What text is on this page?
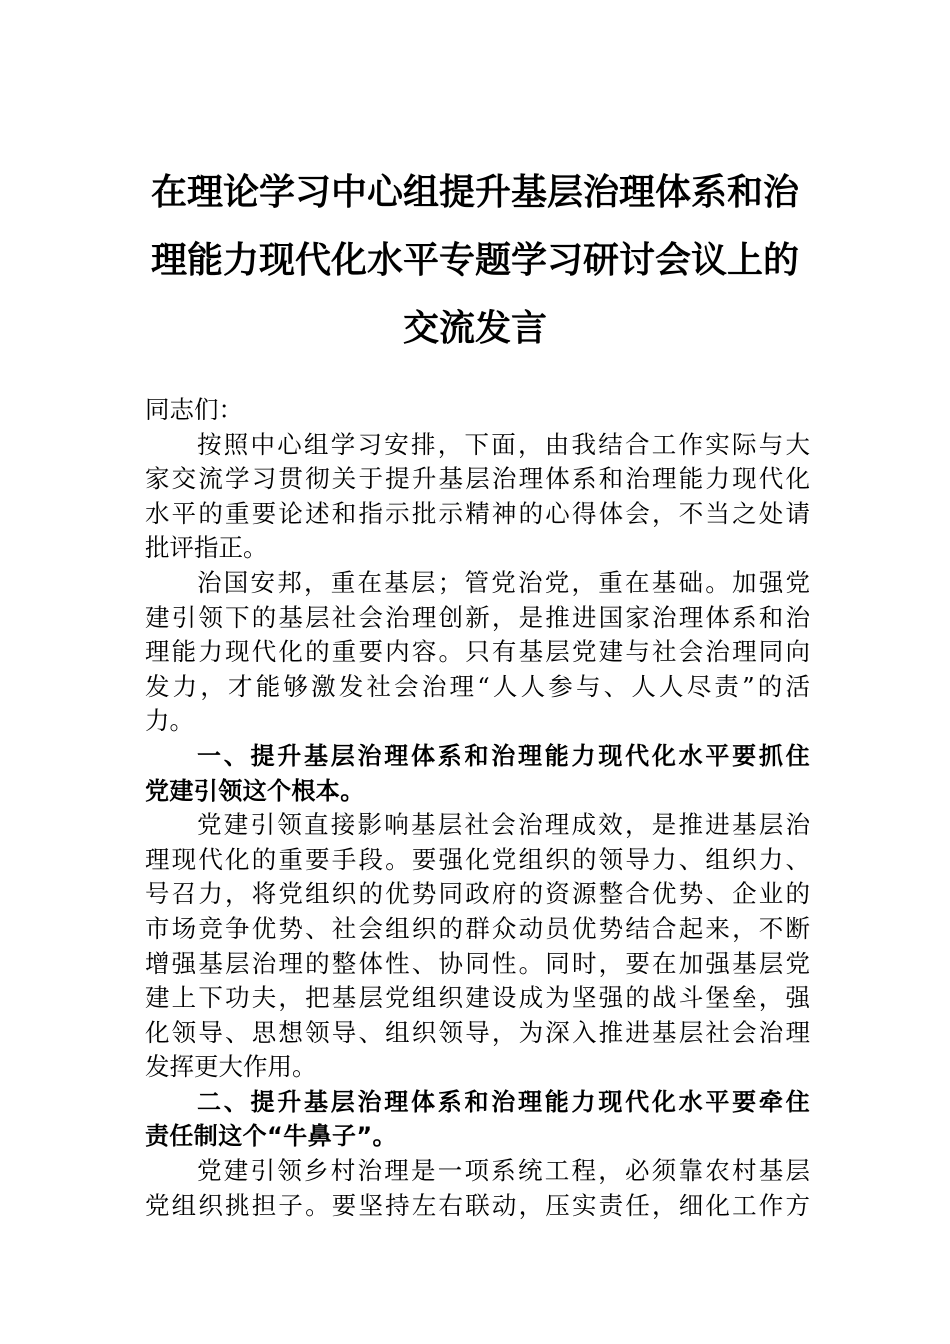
在理论学习中心组提升基层治理体系和治
理能力现代化水平专题学习研讨会议上的
交流发言
同志们：
按照中心组学习安排，下面，由我结合工作实际与大
家交流学习贯彻关于提升基层治理体系和治理能力现代化
水平的重要论述和指示批示精神的心得体会，不当之处请
批评指正。
治国安邦，重在基层；管党治党，重在基础。加强党
建引领下的基层社会治理创新，是推进国家治理体系和治
理能力现代化的重要内容。只有基层党建与社会治理同向
发力，才能够激发社会治理“人人参与、人人尽责”的活
力。
一、提升基层治理体系和治理能力现代化水平要抓住
党建引领这个根本。
党建引领直接影响基层社会治理成效，是推进基层治
理现代化的重要手段。要强化党组织的领导力、组织力、
号召力，将党组织的优势同政府的资源整合优势、企业的
市场竞争优势、社会组织的群众动员优势结合起来，不断
增强基层治理的整体性、协同性。同时，要在加强基层党
建上下功夫，把基层党组织建设成为坚强的战斗堡垒，强
化领导、思想领导、组织领导，为深入推进基层社会治理
发挥更大作用。
二、提升基层治理体系和治理能力现代化水平要牵住
责任制这个“牛鼻子”。
党建引领乡村治理是一项系统工程，必须靠农村基层
党组织挑担子。要坚持左右联动，压实责任，细化工作方
